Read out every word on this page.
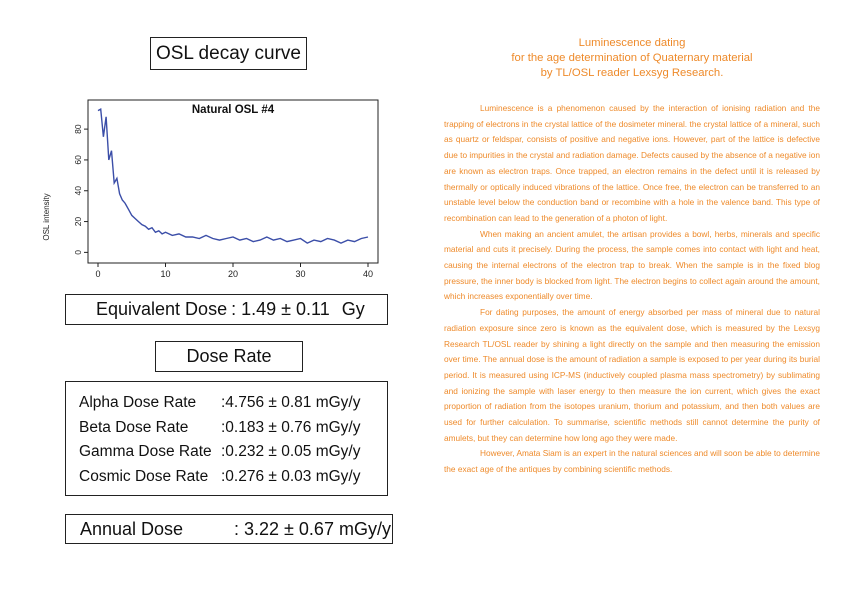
OSL decay curve
Natural OSL #4
OSL intensity
0	10	20	30	40
0
20
40
60
80
Equivalent Dose : 1.49 ± 0.11 Gy
Dose Rate
Alpha Dose Rate	:4.756 ± 0.81 mGy/y
Beta Dose Rate	:0.183 ± 0.76 mGy/y
Gamma Dose Rate :0.232 ± 0.05 mGy/y
Cosmic Dose Rate :0.276 ± 0.03 mGy/y
Annual Dose	: 3.22 ± 0.67 mGy/y
Luminescence dating
for the age determination of Quaternary material
by TL/OSL reader Lexsyg Research.

Luminescence is a phenomenon caused by the interaction of ionising radiation and the trapping of electrons in the crystal lattice of the dosimeter mineral. the crystal lattice of a mineral, such as quartz or feldspar, consists of positive and negative ions. However, part of the lattice is defective due to impurities in the crystal and radiation damage. Defects caused by the absence of a negative ion are known as electron traps. Once trapped, an electron remains in the defect until it is released by thermally or optically induced vibrations of the lattice. Once free, the electron can be transferred to an unstable level below the conduction band or recombine with a hole in the valence band. This type of recombination can lead to the generation of a photon of light.

When making an ancient amulet, the artisan provides a bowl, herbs, minerals and specific material and cuts it precisely. During the process, the sample comes into contact with light and heat, causing the internal electrons of the electron trap to break. When the sample is in the fixed blog pressure, the inner body is blocked from light. The electron begins to collect again around the amount, which increases exponentially over time.

For dating purposes, the amount of energy absorbed per mass of mineral due to natural radiation exposure since zero is known as the equivalent dose, which is measured by the Lexsyg Research TL/OSL reader by shining a light directly on the sample and then measuring the emission over time. The annual dose is the amount of radiation a sample is exposed to per year during its burial period. It is measured using ICP-MS (inductively coupled plasma mass spectrometry) by sublimating and ionizing the sample with laser energy to then measure the ion current, which gives the exact proportion of radiation from the isotopes uranium, thorium and potassium, and then both values are used for further calculation. To summarise, scientific methods still cannot determine the purity of amulets, but they can determine how long ago they were made.

However, Amata Siam is an expert in the natural sciences and will soon be able to determine the exact age of the antiques by combining scientific methods.
